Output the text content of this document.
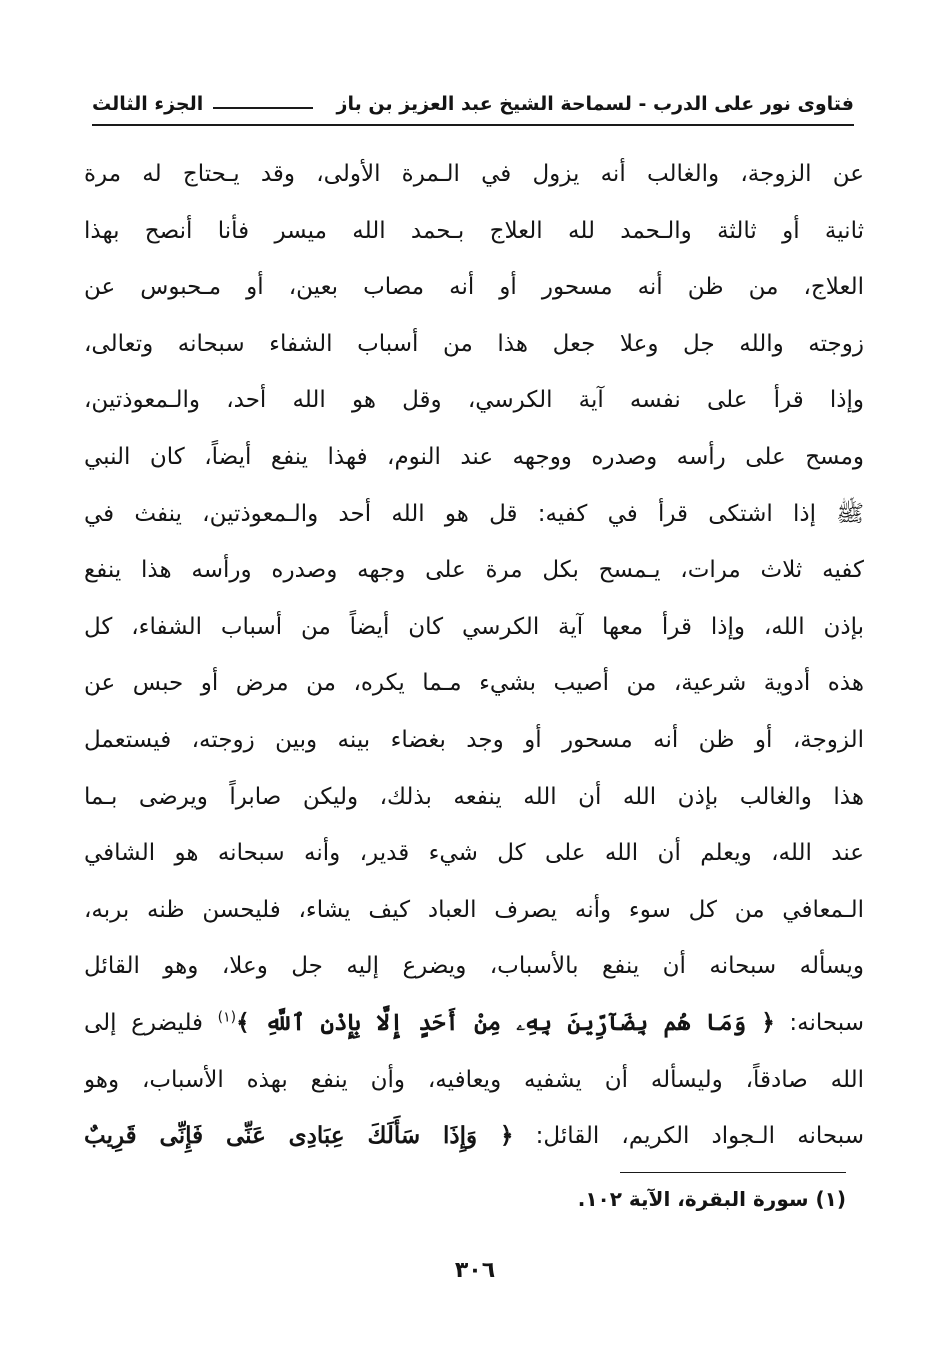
فتاوى نور على الدرب - لسماحة الشيخ عبد العزيز بن باز
الجزء الثالث
عن الزوجة، والغالب أنه يزول في الـمرة الأولى، وقد يـحتاج له مرة
ثانية أو ثالثة والـحمد لله العلاج بـحمد الله ميسر فأنا أنصح بهذا
العلاج، من ظن أنه مسحور أو أنه مصاب بعين، أو مـحبوس عن
زوجته والله جل وعلا جعل هذا من أسباب الشفاء سبحانه وتعالى،
وإذا قرأ على نفسه آية الكرسي، وقل هو الله أحد، والـمعوذتين،
ومسح على رأسه وصدره ووجهه عند النوم، فهذا ينفع أيضاً، كان النبي
ﷺ إذا اشتكى قرأ في كفيه: قل هو الله أحد والـمعوذتين، ينفث في
كفيه ثلاث مرات، يـمسح بكل مرة على وجهه وصدره ورأسه هذا ينفع
بإذن الله، وإذا قرأ معها آية الكرسي كان أيضاً من أسباب الشفاء، كل
هذه أدوية شرعية، من أصيب بشيء مـما يكره، من مرض أو حبس عن
الزوجة، أو ظن أنه مسحور أو وجد بغضاء بينه وبين زوجته، فيستعمل
هذا والغالب بإذن الله أن الله ينفعه بذلك، وليكن صابراً ويرضى بـما
عند الله، ويعلم أن الله على كل شيء قدير، وأنه سبحانه هو الشافي
الـمعافي من كل سوء وأنه يصرف العباد كيف يشاء، فليحسن ظنه بربه،
ويسأله سبحانه أن ينفع بالأسباب، ويضرع إليه جل وعلا، وهو القائل
سبحانه: ﴿ وَمَا هُم بِضَآرِّينَ بِهِۦ مِنْ أَحَدٍ إِلَّا بِإِذْنِ ٱللَّهِ ﴾$^{(١)}$ فليضرع إلى
الله صادقاً، وليسأله أن يشفيه ويعافيه، وأن ينفع بهذه الأسباب، وهو
سبحانه الـجواد الكريم، القائل: ﴿ وَإِذَا سَأَلَكَ عِبَادِى عَنِّى فَإِنِّى قَرِيبٌ
(١) سورة البقرة، الآية ١٠٢.
٣٠٦
